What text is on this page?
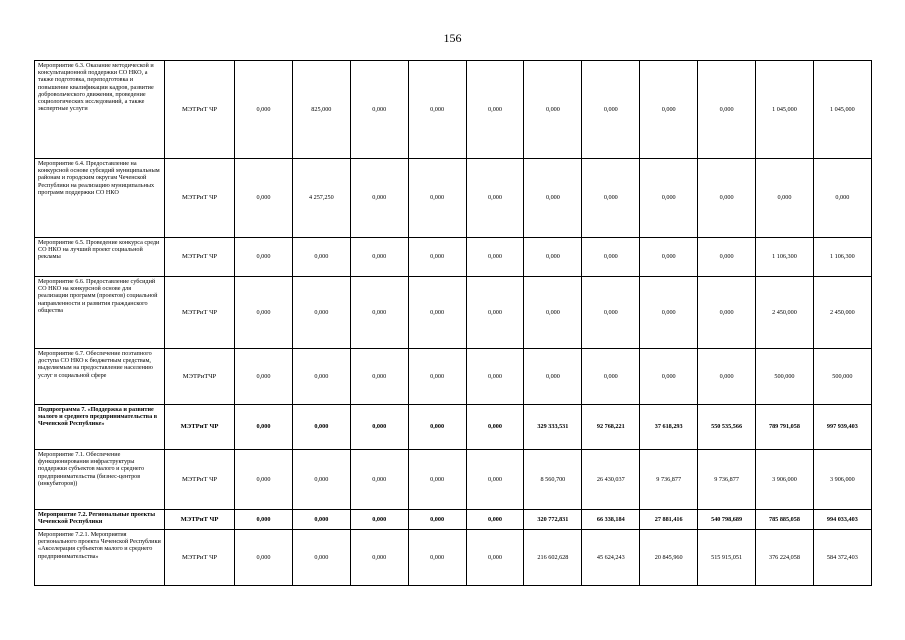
156
Мероприятие 6.3. Оказание методической и консультационной поддержки СО НКО, а также подготовка, переподготовка и повышение квалификации кадров, развитие добровольческого движения, проведение социологических исследований, а также экспертные услуги	МЭТРиТ ЧР	0,000	825,000	0,000	0,000	0,000	0,000	0,000	0,000	0,000	1 045,000	1 045,000
Мероприятие 6.4. Предоставление на конкурсной основе субсидий муниципальным районам и городским округам Чеченской Республики на реализацию муниципальных программ поддержки СО НКО	МЭТРиТ ЧР	0,000	4 257,250	0,000	0,000	0,000	0,000	0,000	0,000	0,000	0,000	0,000
Мероприятие 6.5. Проведение конкурса среди СО НКО на лучший проект социальной рекламы	МЭТРиТ ЧР	0,000	0,000	0,000	0,000	0,000	0,000	0,000	0,000	0,000	1 106,300	1 106,300
Мероприятие 6.6. Предоставление субсидий СО НКО на конкурсной основе для реализации программ (проектов) социальной направленности и развития гражданского общества	МЭТРиТ ЧР	0,000	0,000	0,000	0,000	0,000	0,000	0,000	0,000	0,000	2 450,000	2 450,000
Мероприятие 6.7. Обеспечение поэтапного доступа СО НКО к бюджетным средствам, выделяемым на предоставление населению услуг в социальной сфере	МЭТРиТЧР	0,000	0,000	0,000	0,000	0,000	0,000	0,000	0,000	0,000	500,000	500,000
Подпрограмма 7. «Поддержка и развитие малого и среднего предпринимательства в Чеченской Республике»	МЭТРиТ ЧР	0,000	0,000	0,000	0,000	0,000	329 333,531	92 768,221	37 618,293	550 535,566	789 791,058	997 939,403
Мероприятие 7.1. Обеспечение функционирования инфраструктуры поддержки субъектов малого и среднего предпринимательства (бизнес-центров (инкубаторов))	МЭТРиТ ЧР	0,000	0,000	0,000	0,000	0,000	8 560,700	26 430,037	9 736,877	9 736,877	3 906,000	3 906,000
Мероприятие 7.2. Региональные проекты Чеченской Республики	МЭТРиТ ЧР	0,000	0,000	0,000	0,000	0,000	320 772,831	66 338,184	27 881,416	540 798,689	785 885,058	994 033,403
Мероприятие 7.2.1. Мероприятия регионального проекта Чеченской Республики «Акселерация субъектов малого и среднего предпринимательства»	МЭТРиТ ЧР	0,000	0,000	0,000	0,000	0,000	216 602,628	45 624,243	20 845,960	515 915,051	376 224,058	584 372,403
